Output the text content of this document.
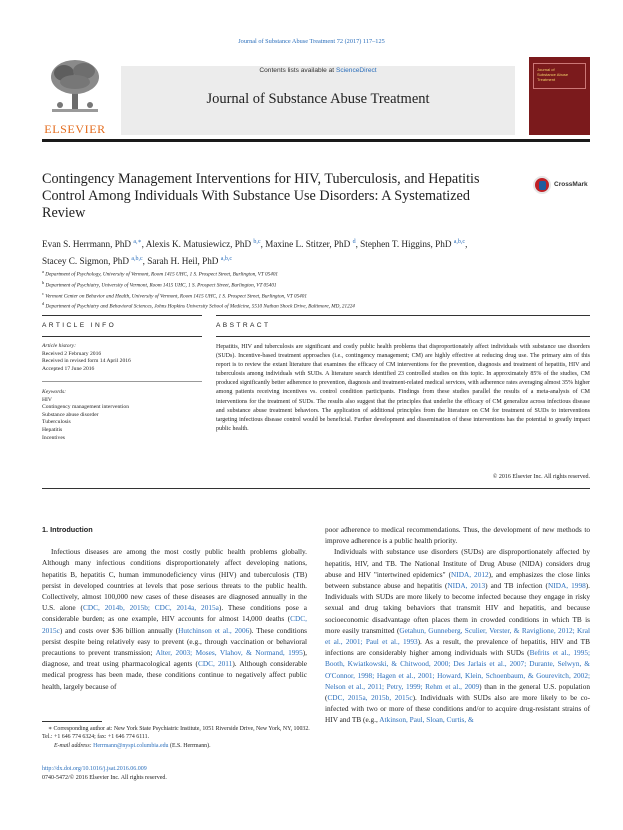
Journal of Substance Abuse Treatment 72 (2017) 117–125
ELSEVIER
Contents lists available at ScienceDirect
Journal of Substance Abuse Treatment
Journal of
Substance Abuse
Treatment
Contingency Management Interventions for HIV, Tuberculosis, and Hepatitis Control Among Individuals With Substance Use Disorders: A Systematized Review
CrossMark
Evan S. Herrmann, PhD $^{a,∗}$, Alexis K. Matusiewicz, PhD $^{b,c}$, Maxine L. Stitzer, PhD $^d$, Stephen T. Higgins, PhD $^{a,b,c}$,
Stacey C. Sigmon, PhD $^{a,b,c}$, Sarah H. Heil, PhD $^{a,b,c}$
$^a$ Department of Psychology, University of Vermont, Room 1415 UHC, 1 S. Prospect Street, Burlington, VT 05401
$^b$ Department of Psychiatry, University of Vermont, Room 1415 UHC, 1 S. Prospect Street, Burlington, VT 05401
$^c$ Vermont Center on Behavior and Health, University of Vermont, Room 1415 UHC, 1 S. Prospect Street, Burlington, VT 05401
$^d$ Department of Psychiatry and Behavioral Sciences, Johns Hopkins University School of Medicine, 5510 Nathan Shock Drive, Baltimore, MD, 21224
ARTICLE INFO	ABSTRACT
Article history:
Received 2 February 2016
Received in revised form 14 April 2016
Accepted 17 June 2016
Keywords:
HIV
Contingency management intervention
Substance abuse disorder
Tuberculosis
Hepatitis
Incentives
Hepatitis, HIV and tuberculosis are significant and costly public health problems that disproportionately affect individuals with substance use disorders (SUDs). Incentive-based treatment approaches (i.e., contingency management; CM) are highly effective at reducing drug use. The primary aim of this report is to review the extant literature that examines the efficacy of CM interventions for the prevention, diagnosis and treatment of hepatitis, HIV and tuberculosis among individuals with SUDs. A literature search identified 23 controlled studies on this topic. In approximately 85% of the studies, CM produced significantly better adherence to prevention, diagnosis and treatment-related medical services, with adherence rates averaging almost 35% higher among patients receiving incentives vs. control condition participants. Findings from these studies parallel the results of a meta-analysis of CM interventions for the treatment of SUDs. The results also suggest that the principles that underlie the efficacy of CM generalize across infectious disease and substance abuse treatment behaviors. The application of additional principles from the literature on CM for treatment of SUDs to interventions targeting infectious disease control would be beneficial. Further development and dissemination of these interventions has the potential to greatly impact public health.
© 2016 Elsevier Inc. All rights reserved.
1. Introduction

Infectious diseases are among the most costly public health problems globally. Although many infectious conditions disproportionately affect developing nations, hepatitis B, hepatitis C, human immunodeficiency virus (HIV) and tuberculosis (TB) persist in developed countries at levels that pose serious threats to the public health. Collectively, almost 100,000 new cases of these diseases are diagnosed annually in the U.S. alone (CDC, 2014b, 2015b; CDC, 2014a, 2015a). These conditions pose a considerable burden; as one example, HIV accounts for almost 14,000 deaths (CDC, 2015c) and costs over $36 billion annually (Hutchinson et al., 2006). These conditions persist despite being relatively easy to prevent (e.g., through vaccination or behavioral precautions to prevent transmission; Alter, 2003; Moses, Vlahov, & Normand, 1995), diagnose, and treat using pharmacological agents (CDC, 2011). Although considerable medical progress has been made, these conditions continue to negatively affect public health, largely because of

∗ Corresponding author at: New York State Psychiatric Institute, 1051 Riverside Drive, New York, NY, 10032. Tel.: +1 646 774 6324; fax: +1 646 774 6111.
E-mail address: Herrmann@nyspi.columbia.edu (E.S. Herrmann).
http://dx.doi.org/10.1016/j.jsat.2016.06.009
0740-5472/© 2016 Elsevier Inc. All rights reserved.

poor adherence to medical recommendations. Thus, the development of new methods to improve adherence is a public health priority.

Individuals with substance use disorders (SUDs) are disproportionately affected by hepatitis, HIV, and TB. The National Institute of Drug Abuse (NIDA) considers drug abuse and HIV "intertwined epidemics" (NIDA, 2012), and emphasizes the close links between substance abuse and hepatitis (NIDA, 2013) and TB infection (NIDA, 1998). Individuals with SUDs are more likely to become infected because they engage in risky sexual and drug taking behaviors that transmit HIV and hepatitis, and because socioeconomic disadvantage often places them in crowded conditions in which TB is more easily transmitted (Getahun, Gunneberg, Sculier, Verster, & Raviglione, 2012; Kral et al., 2001; Paul et al., 1993). As a result, the prevalence of hepatitis, HIV and TB infections are considerably higher among individuals with SUDs (Befrits et al., 1995; Booth, Kwiatkowski, & Chitwood, 2000; Des Jarlais et al., 2007; Durante, Selwyn, & O'Connor, 1998; Hagen et al., 2001; Howard, Klein, Schoenbaum, & Gourevitch, 2002; Nelson et al., 2011; Petry, 1999; Rehm et al., 2009) than in the general U.S. population (CDC, 2015a, 2015b, 2015c). Individuals with SUDs also are more likely to be co-infected with two or more of these conditions and/or to acquire drug-resistant strains of HIV and TB (e.g., Atkinson, Paul, Sloan, Curtis, &
